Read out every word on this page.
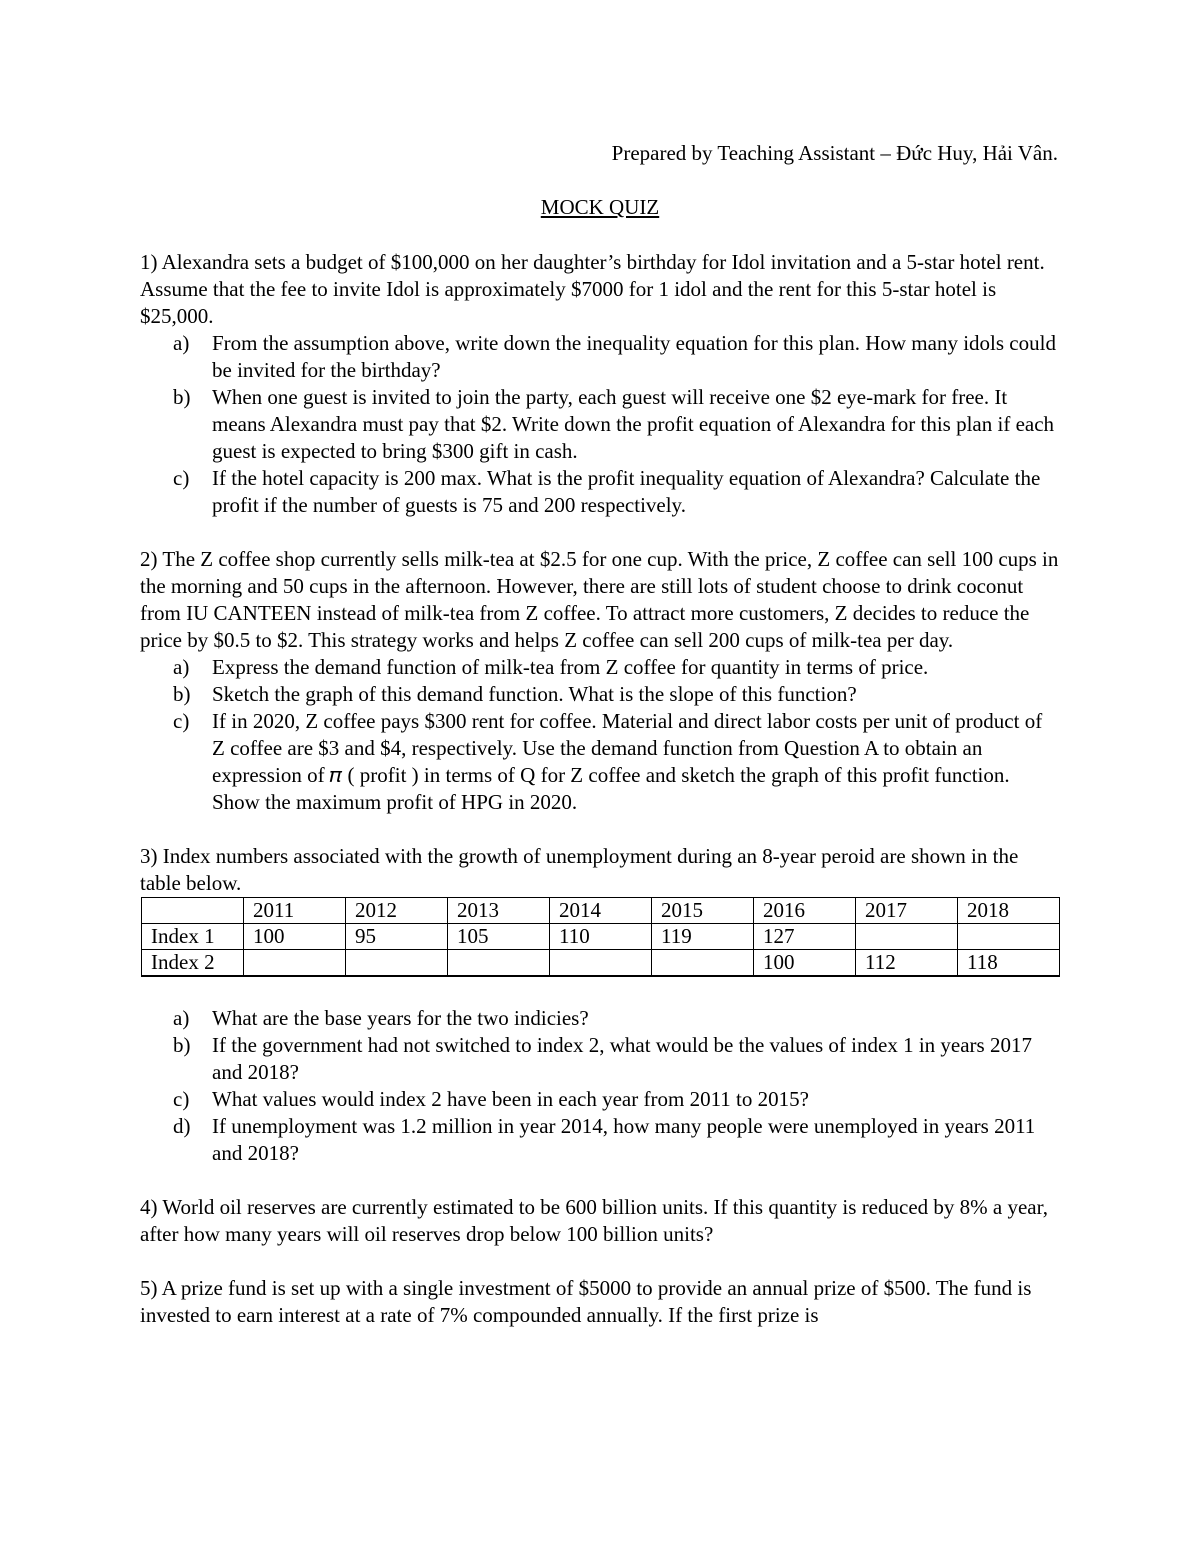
Prepared by Teaching Assistant – Đức Huy, Hải Vân.

MOCK QUIZ

1) Alexandra sets a budget of $100,000 on her daughter’s birthday for Idol invitation and a 5-star hotel rent. Assume that the fee to invite Idol is approximately $7000 for 1 idol and the rent for this 5-star hotel is $25,000.

a) From the assumption above, write down the inequality equation for this plan. How many idols could be invited for the birthday?
b) When one guest is invited to join the party, each guest will receive one $2 eye-mark for free. It means Alexandra must pay that $2. Write down the profit equation of Alexandra for this plan if each guest is expected to bring $300 gift in cash.
c) If the hotel capacity is 200 max. What is the profit inequality equation of Alexandra? Calculate the profit if the number of guests is 75 and 200 respectively.

2) The Z coffee shop currently sells milk-tea at $2.5 for one cup. With the price, Z coffee can sell 100 cups in the morning and 50 cups in the afternoon. However, there are still lots of student choose to drink coconut from IU CANTEEN instead of milk-tea from Z coffee. To attract more customers, Z decides to reduce the price by $0.5 to $2. This strategy works and helps Z coffee can sell 200 cups of milk-tea per day.

a) Express the demand function of milk-tea from Z coffee for quantity in terms of price.
b) Sketch the graph of this demand function. What is the slope of this function?
c) If in 2020, Z coffee pays $300 rent for coffee. Material and direct labor costs per unit of product of Z coffee are $3 and $4, respectively. Use the demand function from Question A to obtain an expression of 𝜋 ( profit ) in terms of Q for Z coffee and sketch the graph of this profit function. Show the maximum profit of HPG in 2020.

3) Index numbers associated with the growth of unemployment during an 8-year peroid are shown in the table below.

	2011	2012	2013	2014	2015	2016	2017	2018
Index 1	100	95	105	110	119	127		
Index 2						100	112	118
a) What are the base years for the two indicies?
b) If the government had not switched to index 2, what would be the values of index 1 in years 2017 and 2018?
c) What values would index 2 have been in each year from 2011 to 2015?
d) If unemployment was 1.2 million in year 2014, how many people were unemployed in years 2011 and 2018?

4) World oil reserves are currently estimated to be 600 billion units. If this quantity is reduced by 8% a year, after how many years will oil reserves drop below 100 billion units?

5) A prize fund is set up with a single investment of $5000 to provide an annual prize of $500. The fund is invested to earn interest at a rate of 7% compounded annually. If the first prize is
